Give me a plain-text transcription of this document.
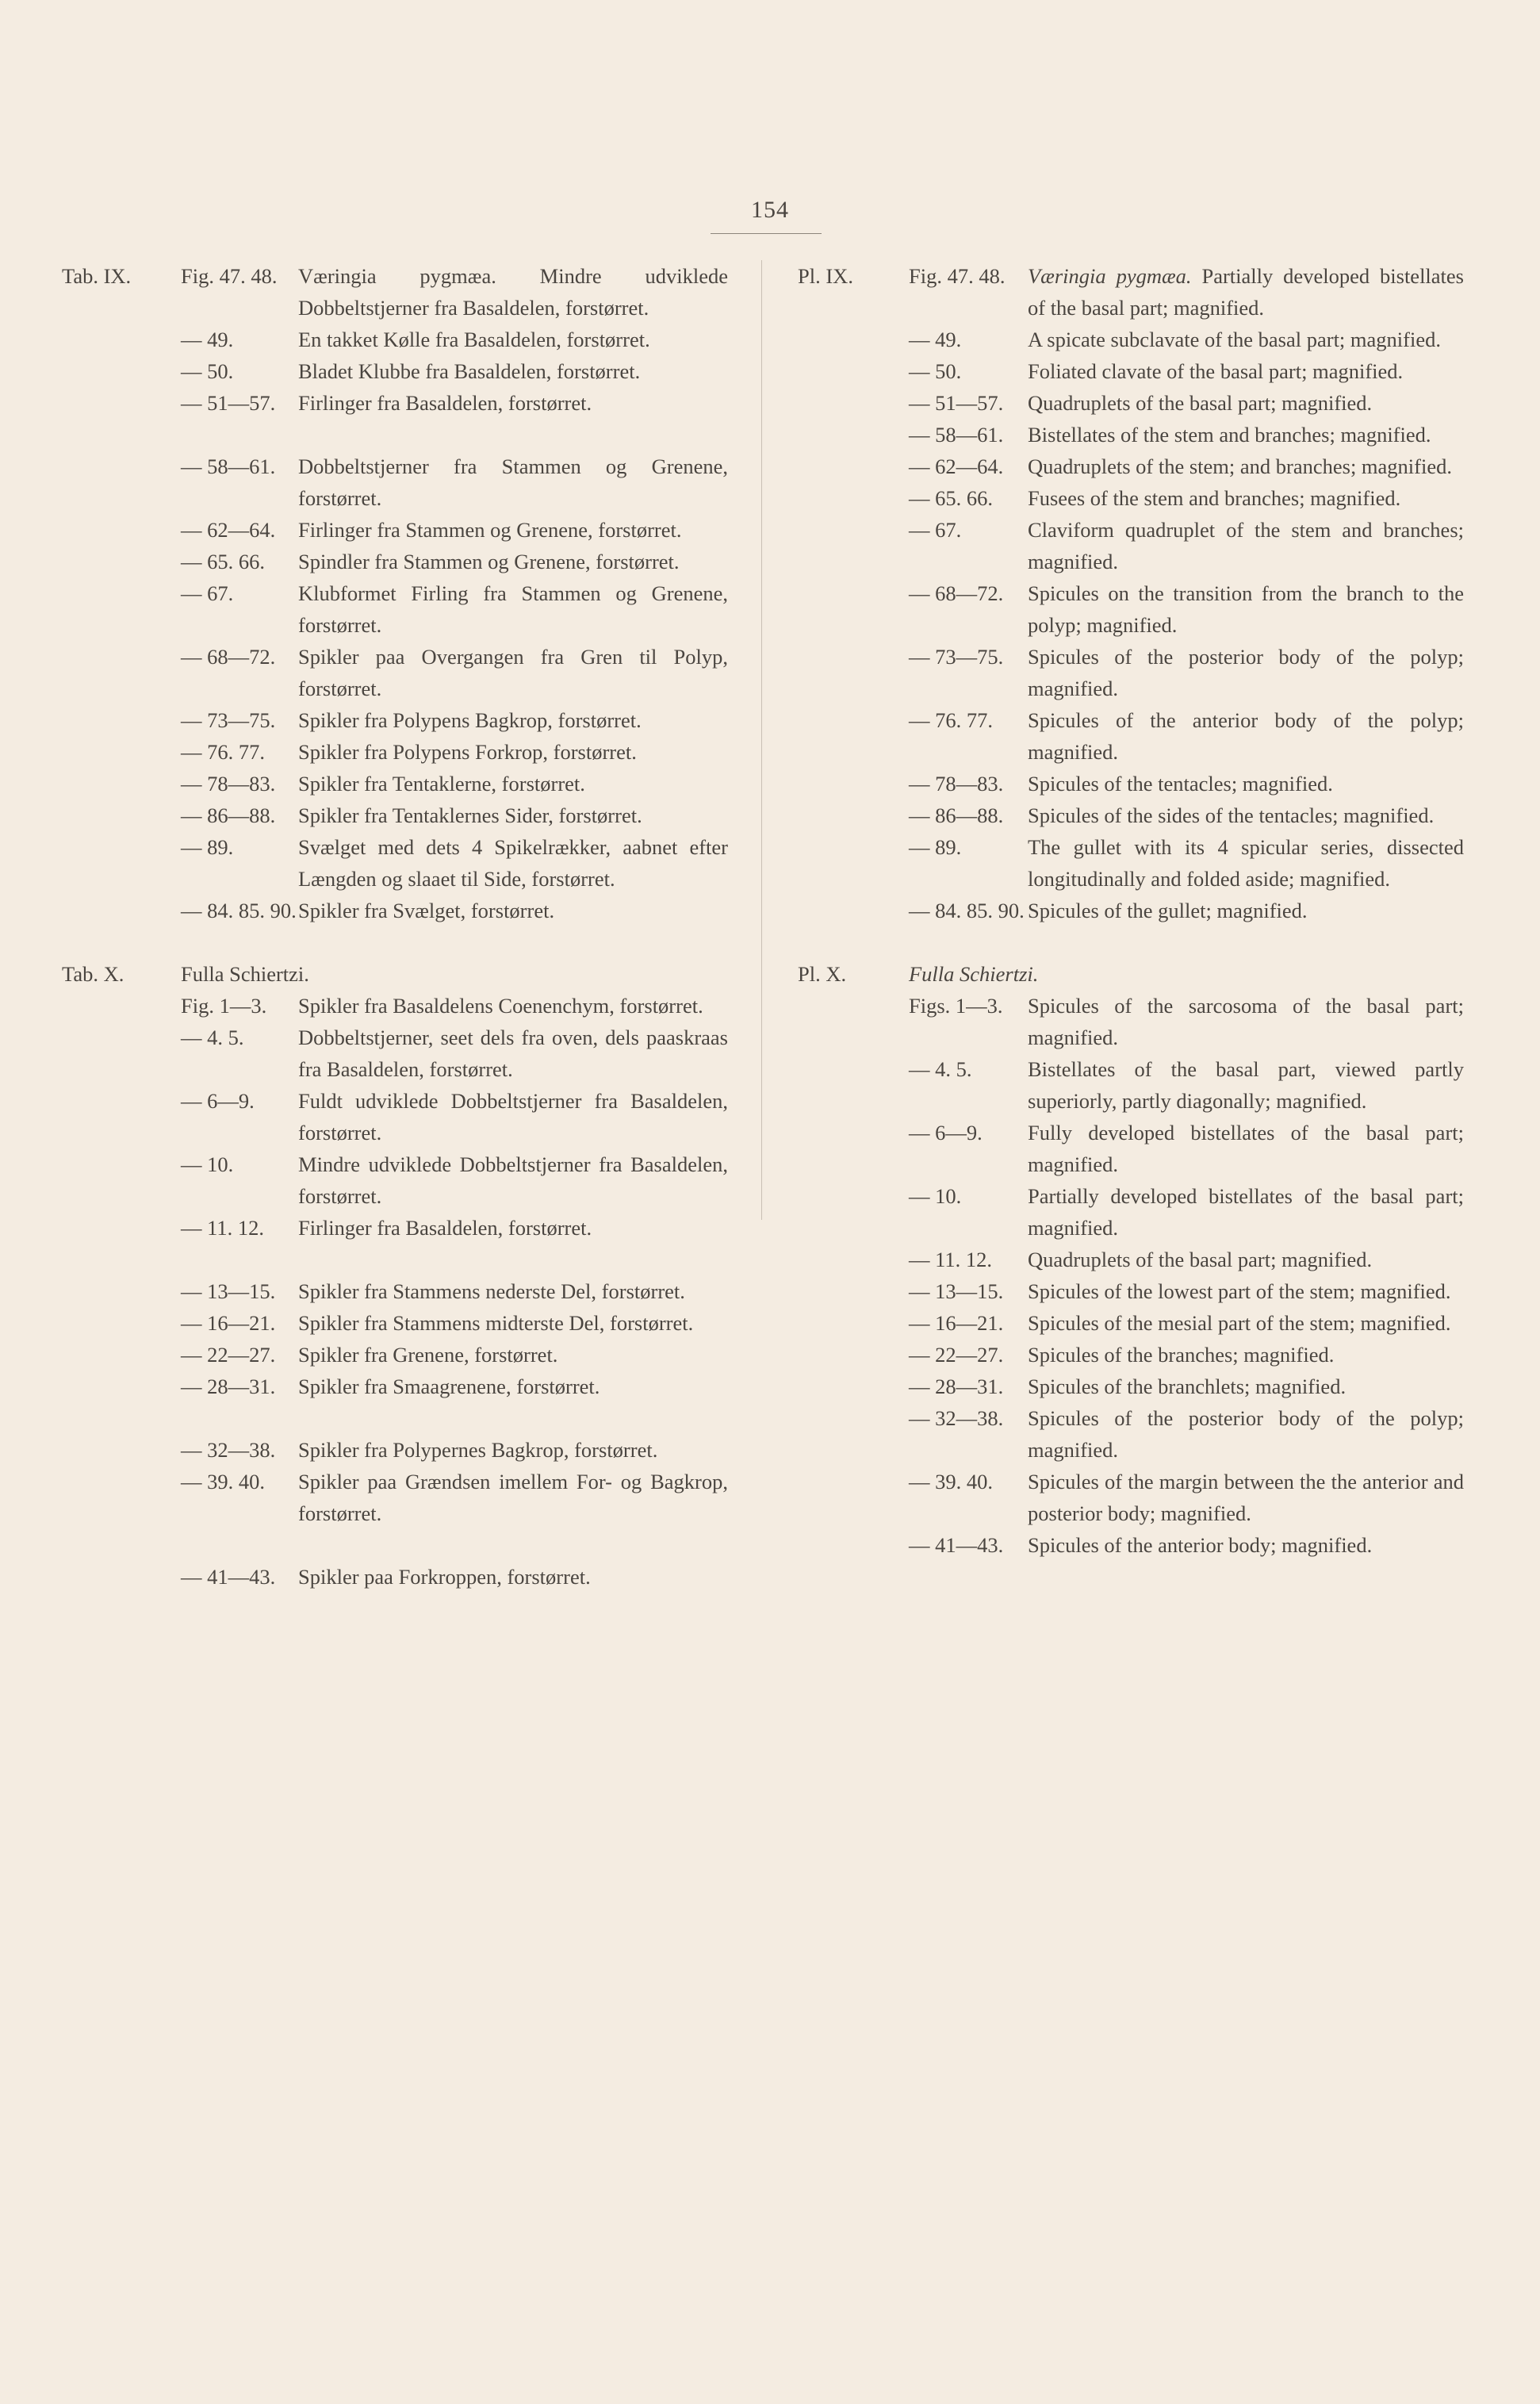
154
Tab. IX.	Fig. 47. 48.	Væringia pygmæa. Mindre udviklede Dobbeltstjerner fra Basaldelen, forstørret.
— 49.	En takket Kølle fra Basaldelen, forstørret.
— 50.	Bladet Klubbe fra Basaldelen, forstørret.
— 51—57.	Firlinger fra Basaldelen, forstørret.
— 58—61.	Dobbeltstjerner fra Stammen og Grenene, forstørret.
— 62—64.	Firlinger fra Stammen og Grenene, forstørret.
— 65. 66.	Spindler fra Stammen og Grenene, forstørret.
— 67.	Klubformet Firling fra Stammen og Grenene, forstørret.
— 68—72.	Spikler paa Overgangen fra Gren til Polyp, forstørret.
— 73—75.	Spikler fra Polypens Bagkrop, forstørret.
— 76. 77.	Spikler fra Polypens Forkrop, forstørret.
— 78—83.	Spikler fra Tentaklerne, forstørret.
— 86—88.	Spikler fra Tentaklernes Sider, forstørret.
— 89.	Svælget med dets 4 Spikelrækker, aabnet efter Længden og slaaet til Side, forstørret.
— 84. 85. 90. Spikler fra Svælget, forstørret.
Tab. X.	Fulla Schiertzi.
Fig. 1—3.	Spikler fra Basaldelens Coenenchym, forstørret.
— 4. 5.	Dobbeltstjerner, seet dels fra oven, dels paaskraas fra Basaldelen, forstørret.
— 6—9.	Fuldt udviklede Dobbeltstjerner fra Basaldelen, forstørret.
— 10.	Mindre udviklede Dobbeltstjerner fra Basaldelen, forstørret.
— 11. 12.	Firlinger fra Basaldelen, forstørret.
— 13—15.	Spikler fra Stammens nederste Del, forstørret.
— 16—21.	Spikler fra Stammens midterste Del, forstørret.
— 22—27.	Spikler fra Grenene, forstørret.
— 28—31.	Spikler fra Smaagrenene, forstørret.
— 32—38.	Spikler fra Polypernes Bagkrop, forstørret.
— 39. 40.	Spikler paa Grændsen imellem For- og Bagkrop, forstørret.
— 41—43.	Spikler paa Forkroppen, forstørret.
Pl. IX.	Fig. 47. 48.	Væringia pygmæa. Partially developed bistellates of the basal part; magnified.
— 49.	A spicate subclavate of the basal part; magnified.
— 50.	Foliated clavate of the basal part; magnified.
— 51—57.	Quadruplets of the basal part; magnified.
— 58—61.	Bistellates of the stem and branches; magnified.
— 62—64.	Quadruplets of the stem; and branches; magnified.
— 65. 66.	Fusees of the stem and branches; magnified.
— 67.	Claviform quadruplet of the stem and branches; magnified.
— 68—72.	Spicules on the transition from the branch to the polyp; magnified.
— 73—75.	Spicules of the posterior body of the polyp; magnified.
— 76. 77.	Spicules of the anterior body of the polyp; magnified.
— 78—83.	Spicules of the tentacles; magnified.
— 86—88.	Spicules of the sides of the tentacles; magnified.
— 89.	The gullet with its 4 spicular series, dissected longitudinally and folded aside; magnified.
— 84. 85. 90. Spicules of the gullet; magnified.
Pl. X.	Fulla Schiertzi.
Figs. 1—3.	Spicules of the sarcosoma of the basal part; magnified.
— 4. 5.	Bistellates of the basal part, viewed partly superiorly, partly diagonally; magnified.
— 6—9.	Fully developed bistellates of the basal part; magnified.
— 10.	Partially developed bistellates of the basal part; magnified.
— 11. 12.	Quadruplets of the basal part; magnified.
— 13—15.	Spicules of the lowest part of the stem; magnified.
— 16—21.	Spicules of the mesial part of the stem; magnified.
— 22—27.	Spicules of the branches; magnified.
— 28—31.	Spicules of the branchlets; magnified.
— 32—38.	Spicules of the posterior body of the polyp; magnified.
— 39. 40.	Spicules of the margin between the the anterior and posterior body; magnified.
— 41—43.	Spicules of the anterior body; magnified.
